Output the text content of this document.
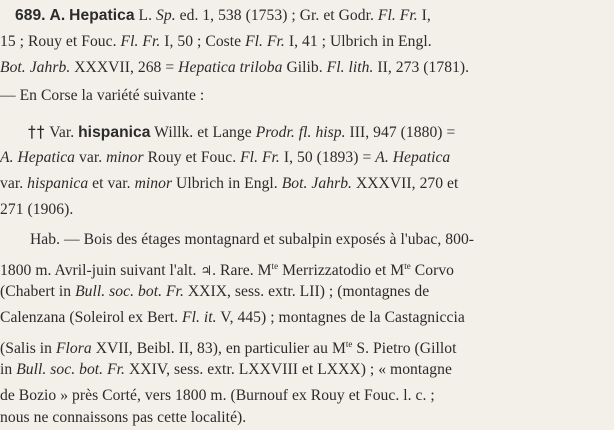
689. A. Hepatica L. Sp. ed. 1, 538 (1753) ; Gr. et Godr. Fl. Fr. I,
15 ; Rouy et Fouc. Fl. Fr. I, 50 ; Coste Fl. Fr. I, 41 ; Ulbrich in Engl.
Bot. Jahrb. XXXVII, 268 = Hepatica triloba Gilib. Fl. lith. II, 273 (1781).
— En Corse la variété suivante :
†† Var. hispanica Willk. et Lange Prodr. fl. hisp. III, 947 (1880) =
A. Hepatica var. minor Rouy et Fouc. Fl. Fr. I, 50 (1893) = A. Hepatica
var. hispanica et var. minor Ulbrich in Engl. Bot. Jahrb. XXXVII, 270 et
271 (1906).
Hab. — Bois des étages montagnard et subalpin exposés à l'ubac, 800-
1800 m. Avril-juin suivant l'alt. ♃. Rare. $M^{te}$ Merrizzatodio et $M^{te}$ Corvo
(Chabert in Bull. soc. bot. Fr. XXIX, sess. extr. LII) ; (montagnes de
Calenzana (Soleirol ex Bert. Fl. it. V, 445) ; montagnes de la Castagniccia
(Salis in Flora XVII, Beibl. II, 83), en particulier au $M^{te}$ S. Pietro (Gillot
in Bull. soc. bot. Fr. XXIV, sess. extr. LXXVIII et LXXX) ; « montagne
de Bozio » près Corté, vers 1800 m. (Burnouf ex Rouy et Fouc. l. c. ;
nous ne connaissons pas cette localité).
